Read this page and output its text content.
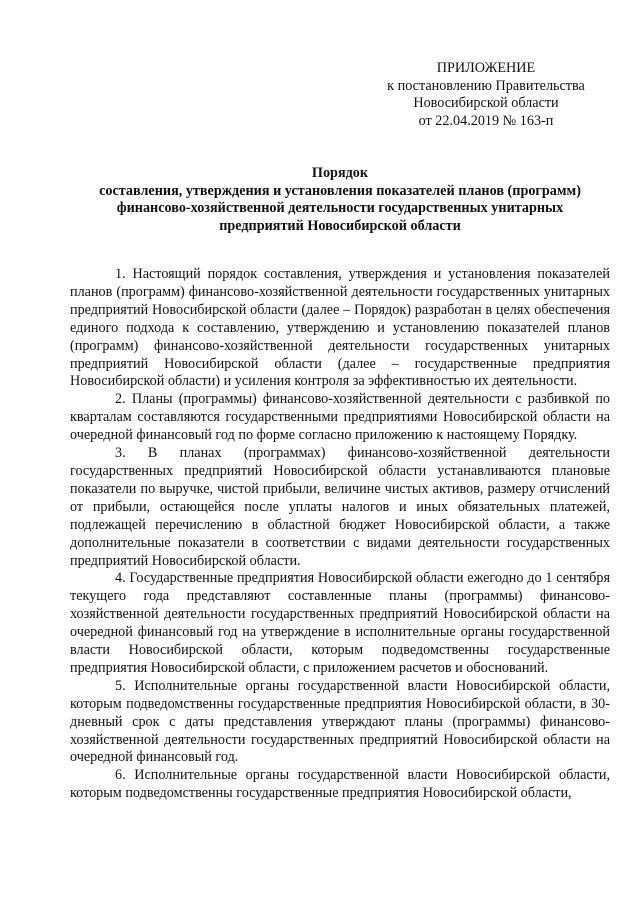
ПРИЛОЖЕНИЕ
к постановлению Правительства
Новосибирской области
от 22.04.2019 № 163-п
Порядок
составления, утверждения и установления показателей планов (программ)
финансово-хозяйственной деятельности государственных унитарных
предприятий Новосибирской области

1. Настоящий порядок составления, утверждения и установления показателей планов (программ) финансово-хозяйственной деятельности государственных унитарных предприятий Новосибирской области (далее – Порядок) разработан в целях обеспечения единого подхода к составлению, утверждению и установлению показателей планов (программ) финансово-хозяйственной деятельности государственных унитарных предприятий Новосибирской области (далее – государственные предприятия Новосибирской области) и усиления контроля за эффективностью их деятельности.

2. Планы (программы) финансово-хозяйственной деятельности с разбивкой по кварталам составляются государственными предприятиями Новосибирской области на очередной финансовый год по форме согласно приложению к настоящему Порядку.

3. В планах (программах) финансово-хозяйственной деятельности государственных предприятий Новосибирской области устанавливаются плановые показатели по выручке, чистой прибыли, величине чистых активов, размеру отчислений от прибыли, остающейся после уплаты налогов и иных обязательных платежей, подлежащей перечислению в областной бюджет Новосибирской области, а также дополнительные показатели в соответствии с видами деятельности государственных предприятий Новосибирской области.

4. Государственные предприятия Новосибирской области ежегодно до 1 сентября текущего года представляют составленные планы (программы) финансово-хозяйственной деятельности государственных предприятий Новосибирской области на очередной финансовый год на утверждение в исполнительные органы государственной власти Новосибирской области, которым подведомственны государственные предприятия Новосибирской области, с приложением расчетов и обоснований.

5. Исполнительные органы государственной власти Новосибирской области, которым подведомственны государственные предприятия Новосибирской области, в 30-дневный срок с даты представления утверждают планы (программы) финансово-хозяйственной деятельности государственных предприятий Новосибирской области на очередной финансовый год.

6. Исполнительные органы государственной власти Новосибирской области, которым подведомственны государственные предприятия Новосибирской области,
